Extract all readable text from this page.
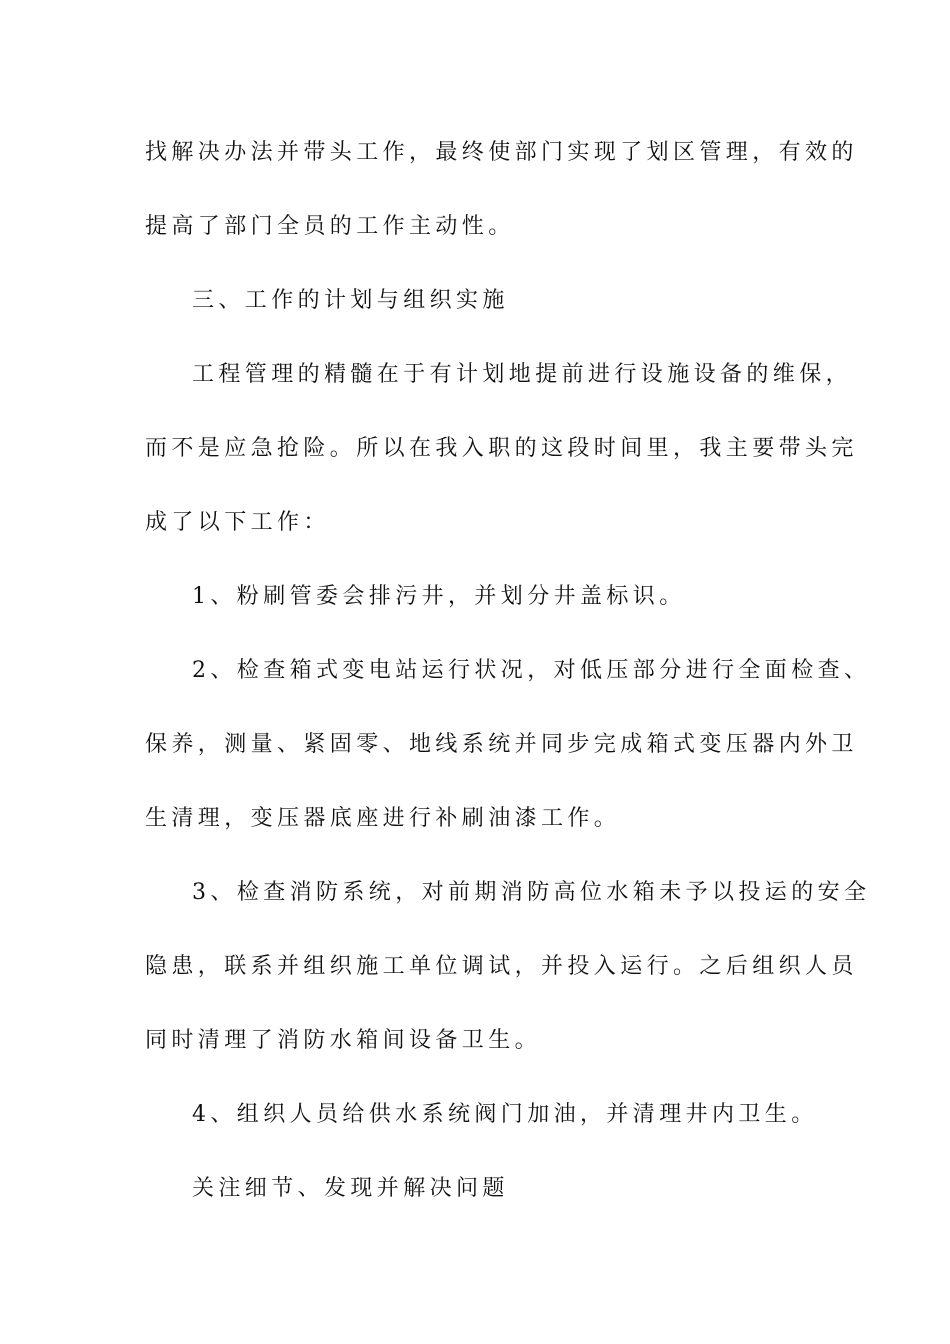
找解决办法并带头工作，最终使部门实现了划区管理，有效的
提高了部门全员的工作主动性。
三、工作的计划与组织实施
工程管理的精髓在于有计划地提前进行设施设备的维保，
而不是应急抢险。所以在我入职的这段时间里，我主要带头完
成了以下工作：
1、粉刷管委会排污井，并划分井盖标识。
2、检查箱式变电站运行状况，对低压部分进行全面检查、
保养，测量、紧固零、地线系统并同步完成箱式变压器内外卫
生清理，变压器底座进行补刷油漆工作。
3、检查消防系统，对前期消防高位水箱未予以投运的安全
隐患，联系并组织施工单位调试，并投入运行。之后组织人员
同时清理了消防水箱间设备卫生。
4、组织人员给供水系统阀门加油，并清理井内卫生。
关注细节、发现并解决问题
